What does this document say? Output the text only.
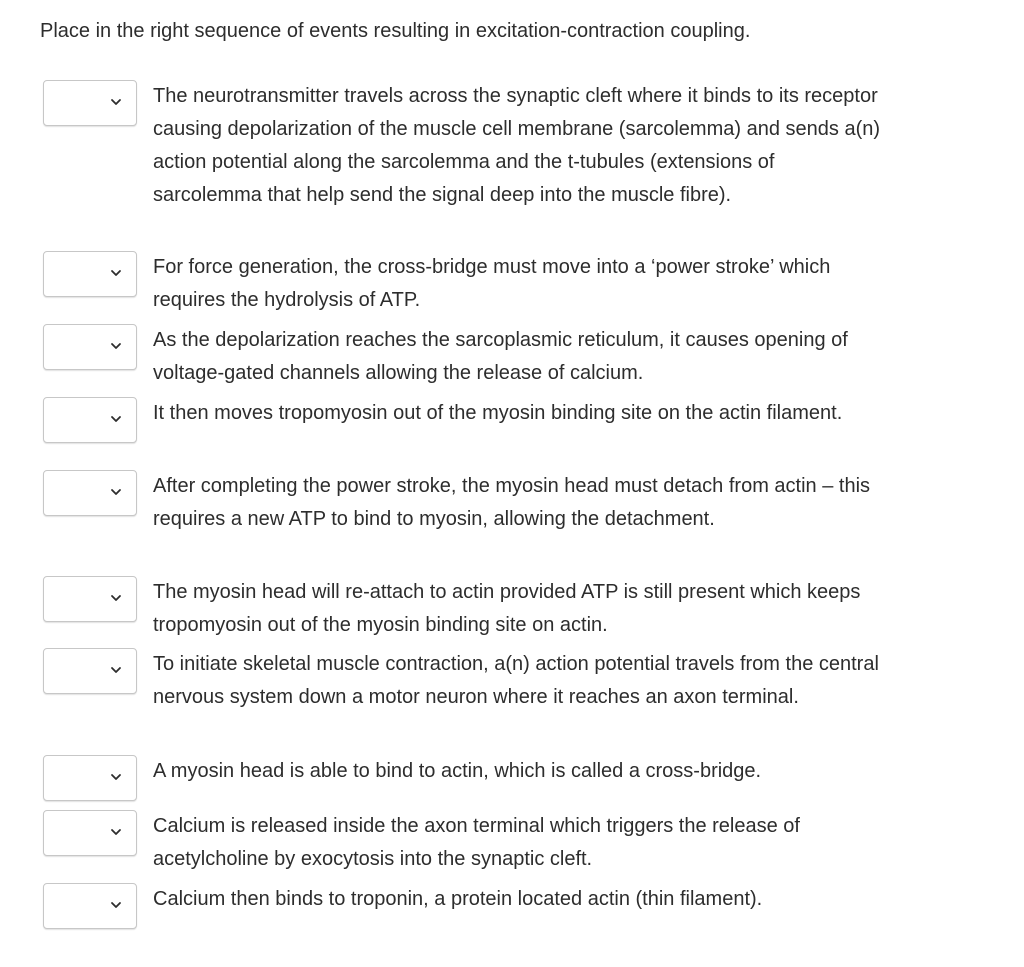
Place in the right sequence of events resulting in excitation-contraction coupling.

The neurotransmitter travels across the synaptic cleft where it binds to its receptor causing depolarization of the muscle cell membrane (sarcolemma) and sends a(n) action potential along the sarcolemma and the t-tubules (extensions of sarcolemma that help send the signal deep into the muscle fibre).
For force generation, the cross-bridge must move into a ‘power stroke’ which requires the hydrolysis of ATP.
As the depolarization reaches the sarcoplasmic reticulum, it causes opening of voltage-gated channels allowing the release of calcium.
It then moves tropomyosin out of the myosin binding site on the actin filament.
After completing the power stroke, the myosin head must detach from actin – this requires a new ATP to bind to myosin, allowing the detachment.
The myosin head will re-attach to actin provided ATP is still present which keeps tropomyosin out of the myosin binding site on actin.
To initiate skeletal muscle contraction, a(n) action potential travels from the central nervous system down a motor neuron where it reaches an axon terminal.
A myosin head is able to bind to actin, which is called a cross-bridge.
Calcium is released inside the axon terminal which triggers the release of acetylcholine by exocytosis into the synaptic cleft.
Calcium then binds to troponin, a protein located actin (thin filament).
